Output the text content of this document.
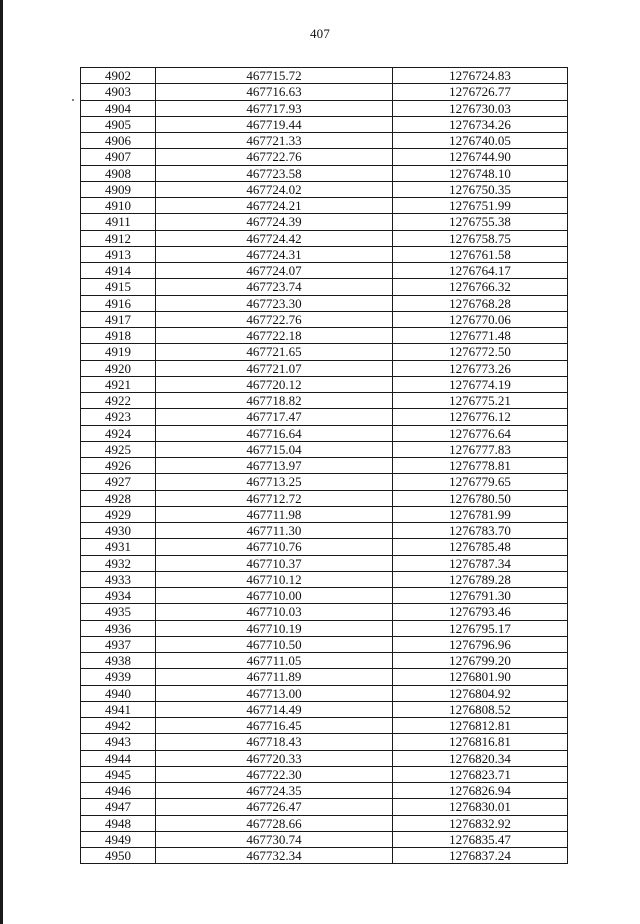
407
4902	467715.72	1276724.83
4903	467716.63	1276726.77
4904	467717.93	1276730.03
4905	467719.44	1276734.26
4906	467721.33	1276740.05
4907	467722.76	1276744.90
4908	467723.58	1276748.10
4909	467724.02	1276750.35
4910	467724.21	1276751.99
4911	467724.39	1276755.38
4912	467724.42	1276758.75
4913	467724.31	1276761.58
4914	467724.07	1276764.17
4915	467723.74	1276766.32
4916	467723.30	1276768.28
4917	467722.76	1276770.06
4918	467722.18	1276771.48
4919	467721.65	1276772.50
4920	467721.07	1276773.26
4921	467720.12	1276774.19
4922	467718.82	1276775.21
4923	467717.47	1276776.12
4924	467716.64	1276776.64
4925	467715.04	1276777.83
4926	467713.97	1276778.81
4927	467713.25	1276779.65
4928	467712.72	1276780.50
4929	467711.98	1276781.99
4930	467711.30	1276783.70
4931	467710.76	1276785.48
4932	467710.37	1276787.34
4933	467710.12	1276789.28
4934	467710.00	1276791.30
4935	467710.03	1276793.46
4936	467710.19	1276795.17
4937	467710.50	1276796.96
4938	467711.05	1276799.20
4939	467711.89	1276801.90
4940	467713.00	1276804.92
4941	467714.49	1276808.52
4942	467716.45	1276812.81
4943	467718.43	1276816.81
4944	467720.33	1276820.34
4945	467722.30	1276823.71
4946	467724.35	1276826.94
4947	467726.47	1276830.01
4948	467728.66	1276832.92
4949	467730.74	1276835.47
4950	467732.34	1276837.24
